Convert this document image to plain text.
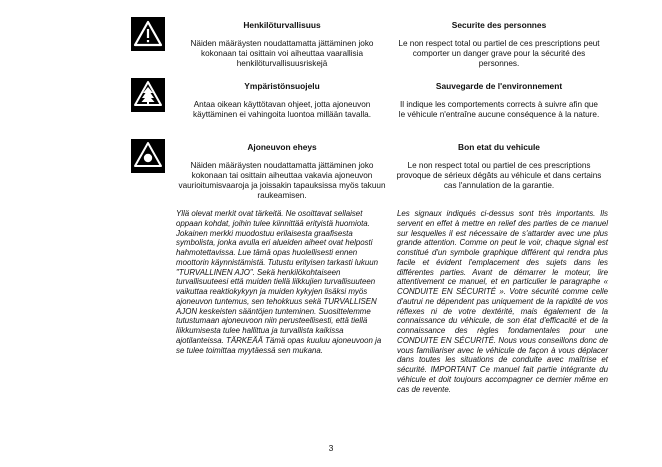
Henkilöturvallisuus
Näiden määräysten noudattamatta jättäminen joko kokonaan tai osittain voi aiheuttaa vaarallisia henkilöturvallisuusriskejä
Securite des personnes
Le non respect total ou partiel de ces prescriptions peut comporter un danger grave pour la sécurité des personnes.
Ympäristönsuojelu
Antaa oikean käyttötavan ohjeet, jotta ajoneuvon käyttäminen ei vahingoita luontoa millään tavalla.
Sauvegarde de l'environnement
Il indique les comportements corrects à suivre afin que le véhicule n'entraîne aucune conséquence à la nature.
Ajoneuvon eheys
Näiden määräysten noudattamatta jättäminen joko kokonaan tai osittain aiheuttaa vakavia ajoneuvon vaurioitumisvaaroja ja joissakin tapauksissa myös takuun raukeamisen.
Bon etat du vehicule
Le non respect total ou partiel de ces prescriptions provoque de sérieux dégâts au véhicule et dans certains cas l'annulation de la garantie.
Yllä olevat merkit ovat tärkeitä. Ne osoittavat sellaiset oppaan kohdat, joihin tulee kiinnittää erityistä huomiota. Jokainen merkki muodostuu erilaisesta graafisesta symbolista, jonka avulla eri alueiden aiheet ovat helposti hahmotettavissa. Lue tämä opas huolellisesti ennen moottorin käynnistämistä. Tutustu erityisen tarkasti lukuun "TURVALLINEN AJO". Sekä henkilökohtaiseen turvallisuuteesi että muiden tiellä liikkujien turvallisuuteen vaikuttaa reaktiokykyyn ja muiden kykyjen lisäksi myös ajoneuvon tuntemus, sen tehokkuus sekä TURVALLISEN AJON keskeisten sääntöjen tunteminen. Suosittelemme tutustumaan ajoneuvoon niin perusteellisesti, että tiellä liikkumisesta tulee hallittua ja turvallista kaikissa ajotilanteissa. TÄRKEÄÄ Tämä opas kuuluu ajoneuvoon ja se tulee toimittaa myytäessä sen mukana.
Les signaux indiqués ci-dessus sont très importants. Ils servent en effet à mettre en relief des parties de ce manuel sur lesquelles il est nécessaire de s'attarder avec une plus grande attention. Comme on peut le voir, chaque signal est constitué d'un symbole graphique différent qui rendra plus facile et évident l'emplacement des sujets dans les différentes parties. Avant de démarrer le moteur, lire attentivement ce manuel, et en particulier le paragraphe « CONDUITE EN SÉCURITÉ ». Votre sécurité comme celle d'autrui ne dépendent pas uniquement de la rapidité de vos réflexes ni de votre dextérité, mais également de la connaissance du véhicule, de son état d'efficacité et de la connaissance des règles fondamentales pour une CONDUITE EN SÉCURITÉ. Nous vous conseillons donc de vous familiariser avec le véhicule de façon à vous déplacer dans toutes les situations de conduite avec maîtrise et sécurité. IMPORTANT Ce manuel fait partie intégrante du véhicule et doit toujours accompagner ce dernier même en cas de revente.
3
